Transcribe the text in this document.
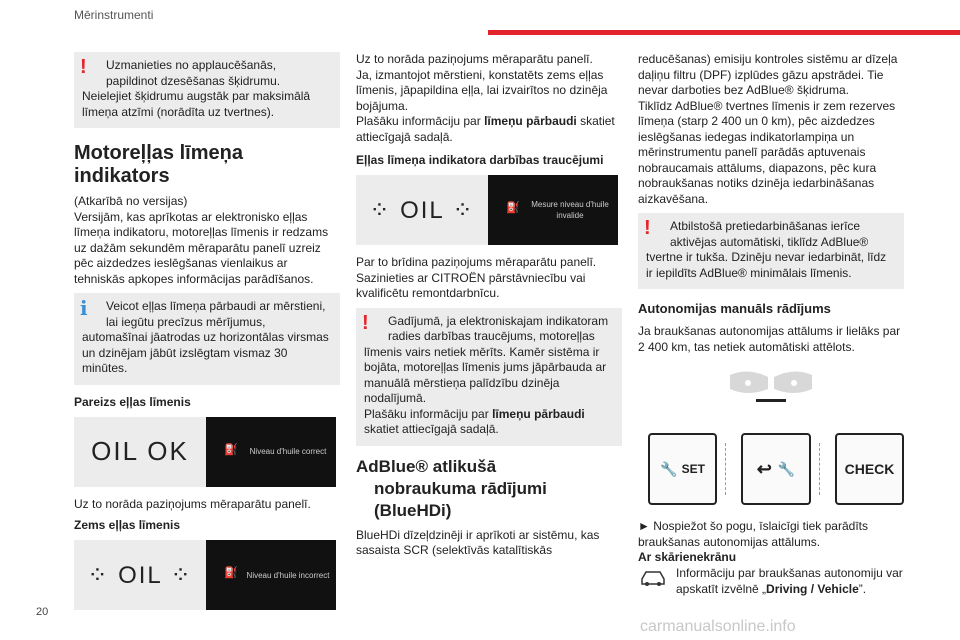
Mērinstrumenti
!	Uzmanieties no applaucēšanās,
papildinot dzesēšanas šķidrumu.
Neielejiet šķidrumu augstāk par maksimālā līmeņa atzīmi (norādīta uz tvertnes).
Motoreļļas līmeņa indikators

(Atkarībā no versijas)

Versijām, kas aprīkotas ar elektronisko eļļas līmeņa indikatoru, motoreļļas līmenis ir redzams uz dažām sekundēm mēraparātu panelī uzreiz pēc aizdedzes ieslēgšanas vienlaikus ar tehniskās apkopes informācijas parādīšanos.

i	Veicot eļļas līmeņa pārbaudi ar mērstieni,
lai iegūtu precīzus mērījumus,
automašīnai jāatrodas uz horizontālas virsmas un dzinējam jābūt izslēgtam vismaz 30 minūtes.
Pareizs eļļas līmenis
OIL OK	⛽ Niveau d'huile correct

Uz to norāda paziņojums mēraparātu panelī.

Zems eļļas līmenis
⁘ OIL ⁘	⛽ Niveau d'huile incorrect

Uz to norāda paziņojums mēraparātu panelī.

Ja, izmantojot mērstieni, konstatēts zems eļļas līmenis, jāpapildina eļļa, lai izvairītos no dzinēja bojājuma.

Plašāku informāciju par līmeņu pārbaudi skatiet attiecīgajā sadaļā.

Eļļas līmeņa indikatora darbības traucējumi
⁘ OIL ⁘	⛽	Mesure niveau d'huile invalide

Par to brīdina paziņojums mēraparātu panelī. Sazinieties ar CITROËN pārstāvniecību vai kvalificētu remontdarbnīcu.

!	Gadījumā, ja elektroniskajam indikatoram
radies darbības traucējums, motoreļļas
līmenis vairs netiek mērīts. Kamēr sistēma ir bojāta, motoreļļas līmenis jums jāpārbauda ar manuālā mērstieņa palīdzību dzinēja nodalījumā.
Plašāku informāciju par līmeņu pārbaudi skatiet attiecīgajā sadaļā.
AdBlue® atlikušā
nobraukuma rādījumi
(BlueHDi)

BlueHDi dīzeļdzinēji ir aprīkoti ar sistēmu, kas sasaista SCR (selektīvās katalītiskās

reducēšanas) emisiju kontroles sistēmu ar dīzeļa daļiņu filtru (DPF) izplūdes gāzu apstrādei. Tie nevar darboties bez AdBlue® šķidruma.

Tiklīdz AdBlue® tvertnes līmenis ir zem rezerves līmeņa (starp 2 400 un 0 km), pēc aizdedzes ieslēgšanas iedegas indikatorlampiņa un mērinstrumentu panelī parādās aptuvenais nobraucamais attālums, diapazons, pēc kura nobraukšanas notiks dzinēja iedarbināšanas aizkavēšana.

!	Atbilstošā pretiedarbināšanas ierīce
aktivējas automātiski, tiklīdz AdBlue®
tvertne ir tukša. Dzinēju nevar iedarbināt, līdz ir iepildīts AdBlue® minimālais līmenis.
Autonomijas manuāls rādījums

Ja braukšanas autonomijas attālums ir lielāks par 2 400 km, tas netiek automātiski attēlots.

🔧 SET	↩ 🔧	CHECK

► Nospiežot šo pogu, īslaicīgi tiek parādīts braukšanas autonomijas attālums.

Ar skārienekrānu

Informāciju par braukšanas autonomiju var apskatīt izvēlnē „Driving / Vehicle”.

20
carmanualsonline.info
